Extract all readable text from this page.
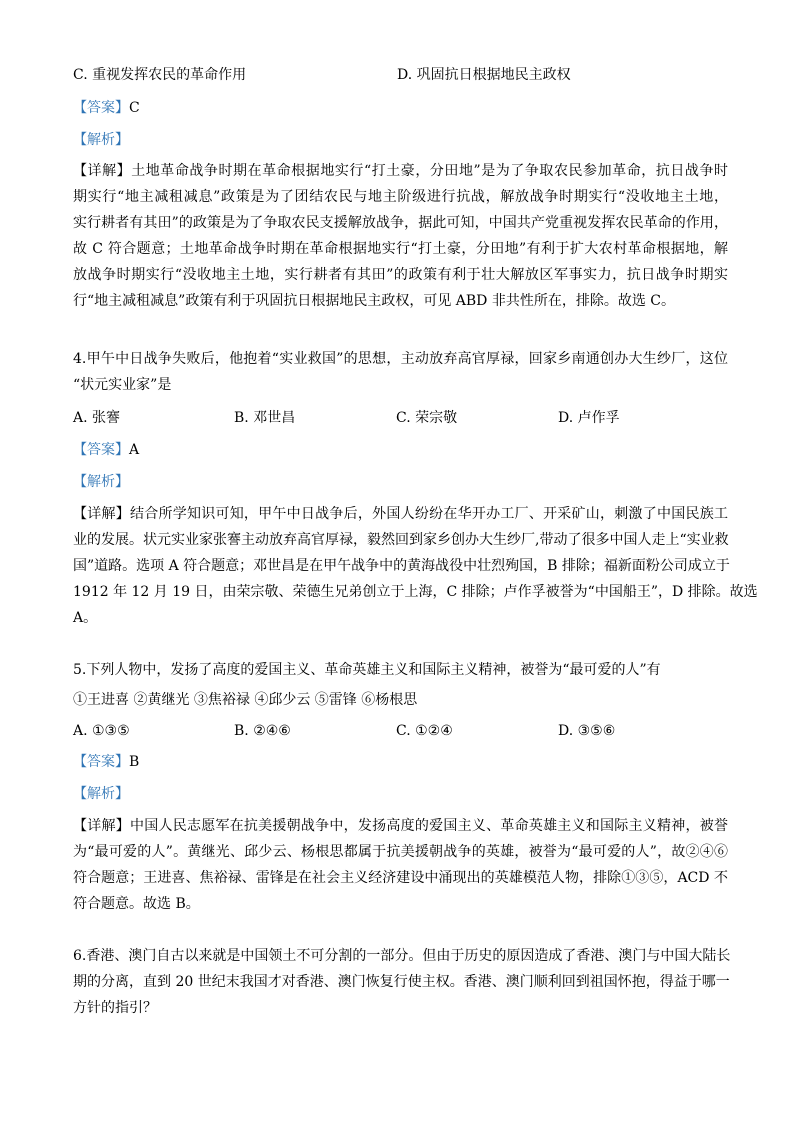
C. 重视发挥农民的革命作用	D. 巩固抗日根据地民主政权
【答案】C
【解析】
【详解】土地革命战争时期在革命根据地实行“打土豪，分田地”是为了争取农民参加革命，抗日战争时
期实行“地主减租减息”政策是为了团结农民与地主阶级进行抗战，解放战争时期实行“没收地主土地，
实行耕者有其田”的政策是为了争取农民支援解放战争，据此可知，中国共产党重视发挥农民革命的作用，
故 C 符合题意；土地革命战争时期在革命根据地实行“打土豪，分田地”有利于扩大农村革命根据地，解
放战争时期实行“没收地主土地，实行耕者有其田”的政策有利于壮大解放区军事实力，抗日战争时期实
行“地主减租减息”政策有利于巩固抗日根据地民主政权，可见 ABD 非共性所在，排除。故选 C。
4.甲午中日战争失败后，他抱着“实业救国”的思想，主动放弃高官厚禄，回家乡南通创办大生纱厂，这位
“状元实业家”是
A. 张謇	B. 邓世昌	C. 荣宗敬	D. 卢作孚
【答案】A
【解析】
【详解】结合所学知识可知，甲午中日战争后，外国人纷纷在华开办工厂、开采矿山，刺激了中国民族工
业的发展。状元实业家张謇主动放弃高官厚禄，毅然回到家乡创办大生纱厂,带动了很多中国人走上“实业救
国”道路。选项 A 符合题意；邓世昌是在甲午战争中的黄海战役中壮烈殉国，B 排除；福新面粉公司成立于
1912 年 12 月 19 日，由荣宗敬、荣德生兄弟创立于上海，C 排除；卢作孚被誉为“中国船王”，D 排除。故选
A。
5.下列人物中，发扬了高度的爱国主义、革命英雄主义和国际主义精神，被誉为“最可爱的人”有
①王进喜 ②黄继光 ③焦裕禄 ④邱少云 ⑤雷锋 ⑥杨根思
A. ①③⑤	B. ②④⑥	C. ①②④	D. ③⑤⑥
【答案】B
【解析】
【详解】中国人民志愿军在抗美援朝战争中，发扬高度的爱国主义、革命英雄主义和国际主义精神，被誉
为“最可爱的人”。黄继光、邱少云、杨根思都属于抗美援朝战争的英雄，被誉为“最可爱的人”，故②④⑥
符合题意；王进喜、焦裕禄、雷锋是在社会主义经济建设中涌现出的英雄模范人物，排除①③⑤，ACD 不
符合题意。故选 B。
6.香港、澳门自古以来就是中国领土不可分割的一部分。但由于历史的原因造成了香港、澳门与中国大陆长
期的分离，直到 20 世纪末我国才对香港、澳门恢复行使主权。香港、澳门顺利回到祖国怀抱，得益于哪一
方针的指引？
